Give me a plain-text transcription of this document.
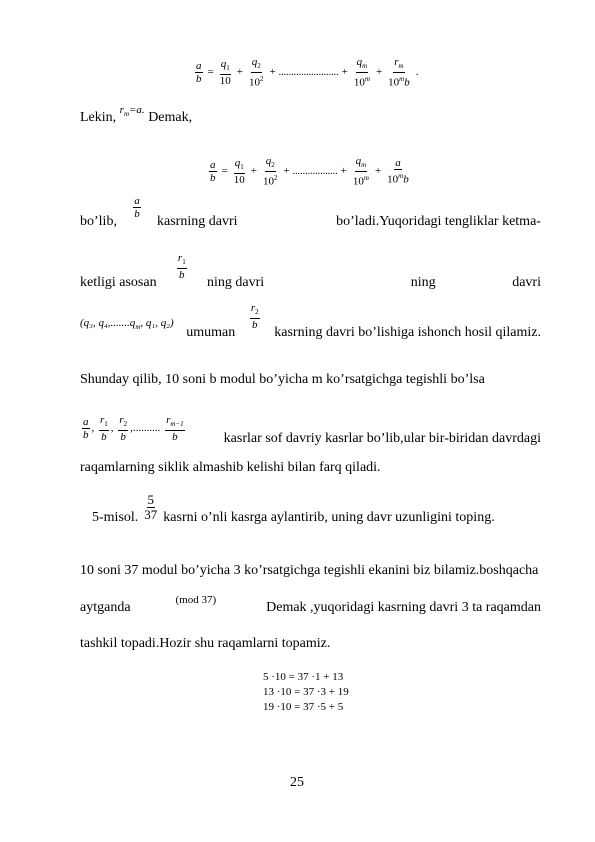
$\frac{a}{b} = \frac{q_1}{10} + \frac{q_2}{10^2}$ + ........................ + $\frac{q_m}{10^m} + \frac{r_m}{10^mb}$ .
Lekin, $^{r_m=a.}$ Demak,
$\frac{a}{b} = \frac{q_1}{10} + \frac{q_2}{10^2}$ + .................. + $\frac{q_m}{10^m} + \frac{a}{10^mb}$
bo’lib,
$\frac{a}{b}$
kasrning davri	bo’ladi.Yuqoridagi tengliklar ketma-
ketligi asosan
$\frac{r_1}{b}$
ning davri	ning	davri
(q₃, $q_4,.......q_m$, q₁, q₂)
umuman
$\frac{r_2}{b}$
kasrning davri bo’lishiga ishonch hosil qilamiz.
Shunday qilib, 10 soni b modul bo’yicha m ko’rsatgichga tegishli bo’lsa
$\frac{a}{b}$ , $\frac{r_1}{b}$ , $\frac{r_2}{b}$ ,.......... $\frac{r_{m-1}}{b}$	kasrlar sof davriy kasrlar bo’lib,ular bir-biridan davrdagi
raqamlarning siklik almashib kelishi bilan farq qiladi.
5-misol. $\frac{5}{37}$ kasrni o’nli kasrga aylantirib, uning davr uzunligini toping.
10 soni 37 modul bo’yicha 3 ko’rsatgichga tegishli ekanini biz bilamiz.boshqacha
aytganda	(mod 37)	Demak ,yuqoridagi kasrning davri 3 ta raqamdan
tashkil topadi.Hozir shu raqamlarni topamiz.
5 ·10 = 37 ·1 + 13
13 ·10 = 37 ·3 + 19
19 ·10 = 37 ·5 + 5
25
